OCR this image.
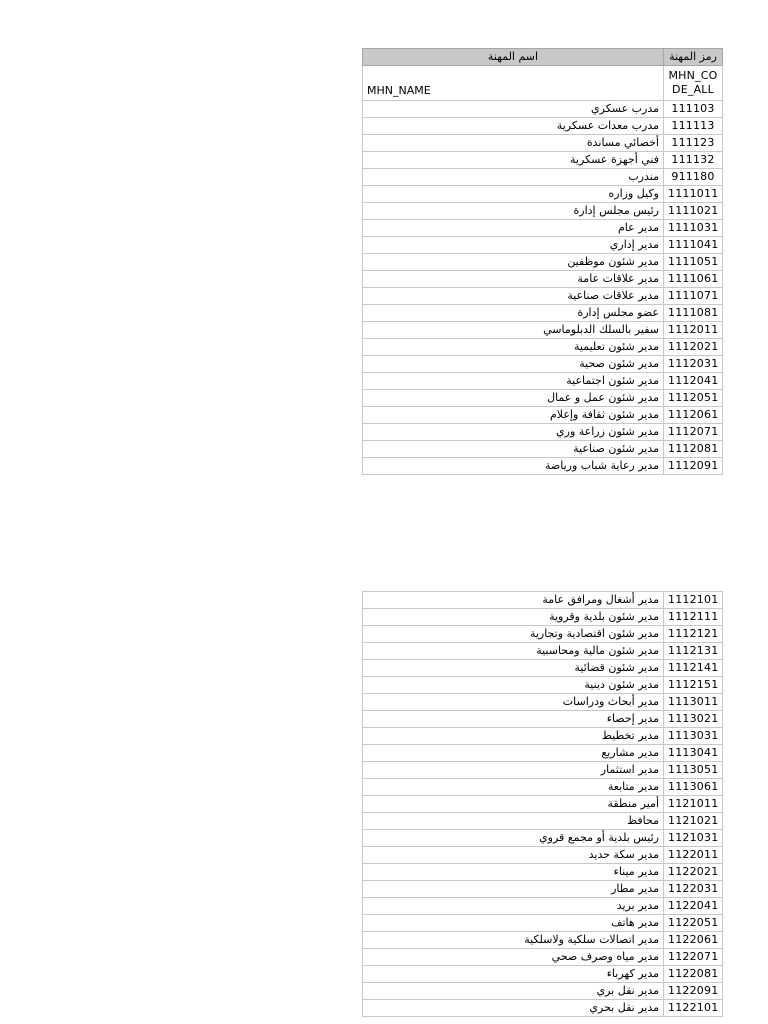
اسم المهنة	رمز المهنة
MHN_NAME	MHN_CODE_ALL
مدرب عسكري	111103
مدرب معدات عسكرية	111113
أخصائي مساندة	111123
فني أجهزة عسكرية	111132
مندرب	911180
وكيل وزاره	1111011
رئيس مجلس إدارة	1111021
مدير عام	1111031
مدير إداري	1111041
مدير شئون موظفين	1111051
مدير علاقات عامة	1111061
مدير علاقات صناعية	1111071
عضو مجلس إدارة	1111081
سفير بالسلك الدبلوماسي	1112011
مدير شئون تعليمية	1112021
مدير شئون صحية	1112031
مدير شئون اجتماعية	1112041
مدير شئون عمل و عمال	1112051
مدير شئون ثقافة وإعلام	1112061
مدير شئون زراعة وري	1112071
مدير شئون صناعية	1112081
مدير رعاية شباب ورياضة	1112091
مدير أشغال ومرافق عامة	1112101
مدير شئون بلدية وقروية	1112111
مدير شئون اقتصادية وتجارية	1112121
مدير شئون مالية ومحاسبية	1112131
مدير شئون قضائية	1112141
مدير شئون دينية	1112151
مدير أبحاث ودراسات	1113011
مدير إحصاء	1113021
مدير تخطيط	1113031
مدير مشاريع	1113041
مدير استثمار	1113051
مدير متابعة	1113061
أمير منطقة	1121011
محافظ	1121021
رئيس بلدية أو مجمع قروي	1121031
مدير سكة حديد	1122011
مدير ميناء	1122021
مدير مطار	1122031
مدير بريد	1122041
مدير هاتف	1122051
مدير اتصالات سلكية ولاسلكية	1122061
مدير مياه وصرف صحي	1122071
مدير كهرباء	1122081
مدير نقل بري	1122091
مدير نقل بحري	1122101
